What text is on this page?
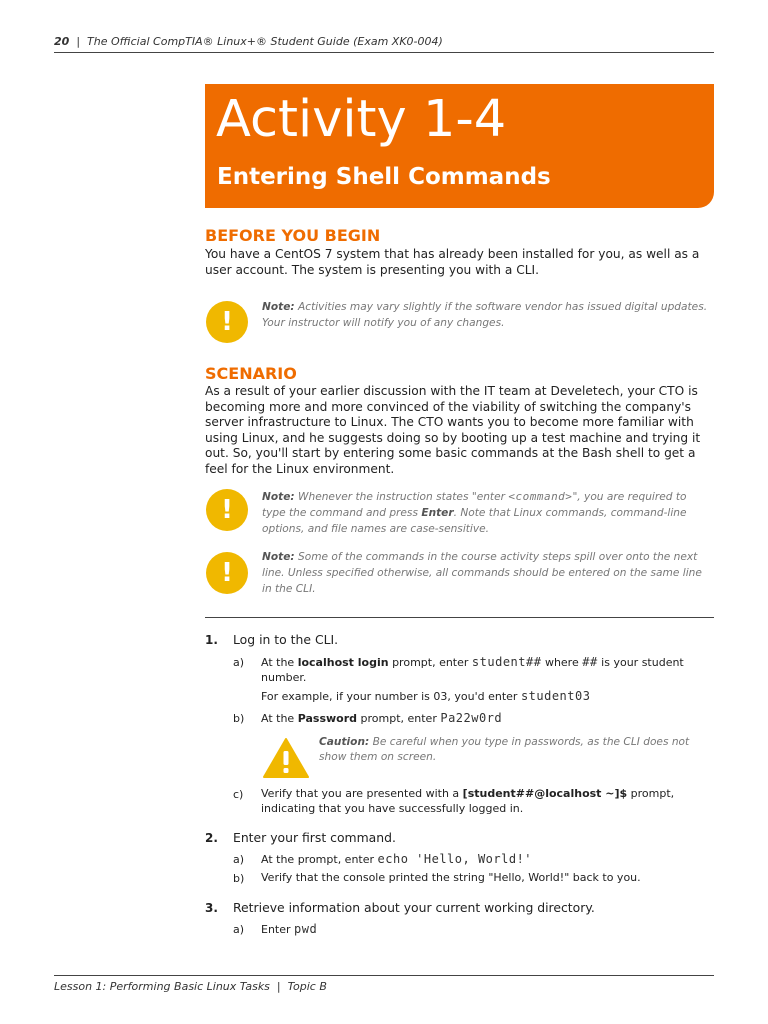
20 | The Official CompTIA® Linux+® Student Guide (Exam XK0-004)
Activity 1-4
Entering Shell Commands
BEFORE YOU BEGIN
You have a CentOS 7 system that has already been installed for you, as well as a user account. The system is presenting you with a CLI.
!	Note: Activities may vary slightly if the software vendor has issued digital updates. Your instructor will notify you of any changes.
SCENARIO
As a result of your earlier discussion with the IT team at Develetech, your CTO is becoming more and more convinced of the viability of switching the company's server infrastructure to Linux. The CTO wants you to become more familiar with using Linux, and he suggests doing so by booting up a test machine and trying it out. So, you'll start by entering some basic commands at the Bash shell to get a feel for the Linux environment.
!	Note: Whenever the instruction states "enter <command>", you are required to type the command and press Enter. Note that Linux commands, command-line options, and file names are case-sensitive.
!
Note: Some of the commands in the course activity steps spill over onto the next line. Unless specified otherwise, all commands should be entered on the same line in the CLI.
1. Log in to the CLI.
a) At the localhost login prompt, enter student## where ## is your student number.
For example, if your number is 03, you'd enter student03
b) At the Password prompt, enter Pa22w0rd
Caution: Be careful when you type in passwords, as the CLI does not show them on screen.
c) Verify that you are presented with a [student##@localhost ~]$ prompt, indicating that you have successfully logged in.
2. Enter your first command.
a) At the prompt, enter echo 'Hello, World!'
b) Verify that the console printed the string "Hello, World!" back to you.
3. Retrieve information about your current working directory.
a) Enter pwd
Lesson 1: Performing Basic Linux Tasks | Topic B
